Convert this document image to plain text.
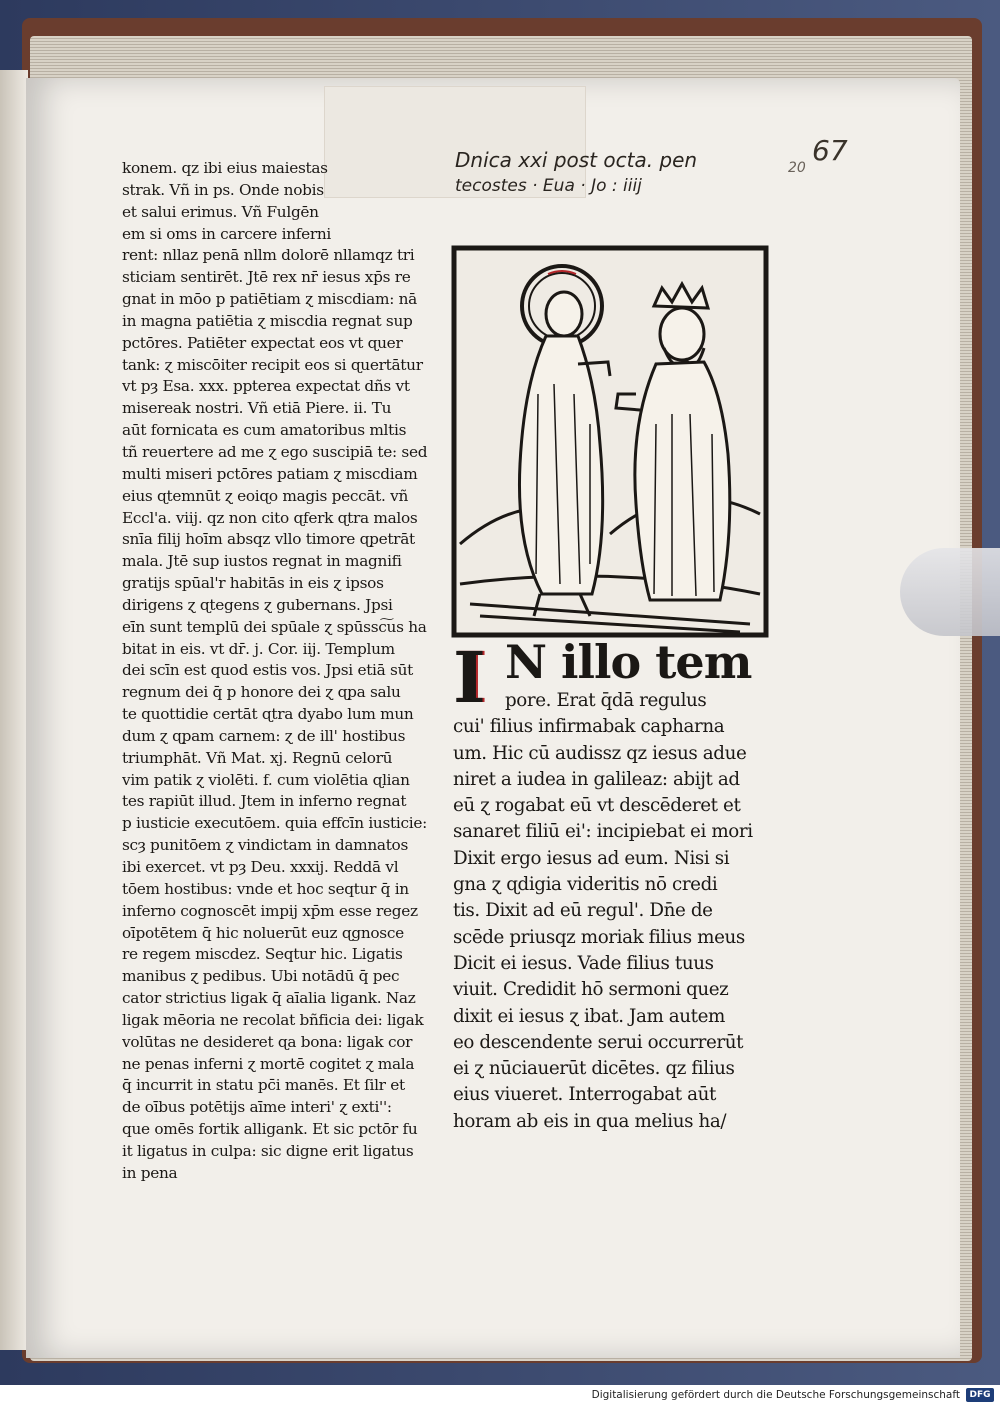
Dnica xxi post octa. pen
tecostes · Eua · Jo : iiij
67
20
konem. qz ibi eius maiestas
strak. Vñ in ps. Onde nobis
et salui erimus. Vñ Fulgēn
em si oms in carcere inferni
rent: nllaz penā nllm dolorē nllamqz tri
sticiam sentirēt. Jtē rex nr̄ iesus xp̄s re
gnat in mōo p patiētiam ɀ miscdiam: nā
in magna patiētia ɀ miscdia regnat sup
pctōres. Patiēter expectat eos vt ɋuer
tank: ɀ miscōiter recipit eos si ɋuertātur
vt pȝ Esa. xxx. ppterea expectat dñs vt
misereak nostri. Vñ etiā Piere. ii. Tu
aūt fornicata es cum amatoribus mltis
tñ reuertere ad me ɀ ego suscipiā te: sed
multi miseri pctōres patiam ɀ miscdiam
eius ɋtemnūt ɀ eoiɋo magis peccāt. vñ
Eccl'a. viij. qz non cito ɋferk ɋtra malos
snīa filij hoīm absqz vllo timore ɋpetrāt
mala. Jtē sup iustos regnat in magnifi
gratijs spūal'r habitās in eis ɀ ipsos
dirigens ɀ ɋtegens ɀ gubernans. Jpsi
eīn sunt templū dei spūale ɀ spūssc͠us ha
bitat in eis. vt dr̄. j. Cor. iij. Templum
dei scīn est quod estis vos. Jpsi etiā sūt
regnum dei q̄ p honore dei ɀ ɋpa salu
te quottidie certāt ɋtra dyabo lum mun
dum ɀ ɋpam carnem: ɀ de ill' hostibus
triumphāt. Vñ Mat. xj. Regnū celorū
vim patik ɀ violēti. f. cum violētia ɋlian
tes rapiūt illud. Jtem in inferno regnat
p iusticie executōem. quia effcīn iusticie:
scȝ punitōem ɀ vindictam in damnatos
ibi exercet. vt pȝ Deu. xxxij. Reddā vl
tōem hostibus: vnde et hoc seqtur q̄ in
inferno cognoscēt impij xp̄m esse regez
oīpotētem q̄ hic noluerūt euz ɋgnosce
re regem miscdez. Seqtur hic. Ligatis
manibus ɀ pedibus. Ubi notādū q̄ pec
cator strictius ligak q̄ aīalia ligank. Naz
ligak mēoria ne recolat bñficia dei: ligak
volūtas ne desideret ɋa bona: ligak cor
ne penas inferni ɀ mortē cogitet ɀ mala
q̄ incurrit in statu pc̄i manēs. Et ſilr et
de oībus potētijs aīme interi' ɀ exti'':
que omēs fortik alligank. Et sic pctōr fu
it ligatus in culpa: sic digne erit ligatus
in pena
I N illo tem
pore. Erat q̄dā regulus
cui' filius infirmabak capharna
um. Hic cū audissz qz iesus adue
niret a iudea in galileaz: abijt ad
eū ɀ rogabat eū vt descēderet et
sanaret filiū ei': incipiebat ei mori
Dixit ergo iesus ad eum. Nisi si
gna ɀ ɋdigia videritis nō credi
tis. Dixit ad eū regul'. Dn̄e de
scēde priusqz moriak filius meus
Dicit ei iesus. Vade filius tuus
viuit. Credidit hō sermoni quez
dixit ei iesus ɀ ibat. Jam autem
eo descendente serui occurrerūt
ei ɀ nūciauerūt dicētes. qz filius
eius viueret. Interrogabat aūt
horam ab eis in qua melius ha/
Digitalisierung gefördert durch die Deutsche Forschungsgemeinschaft	DFG
